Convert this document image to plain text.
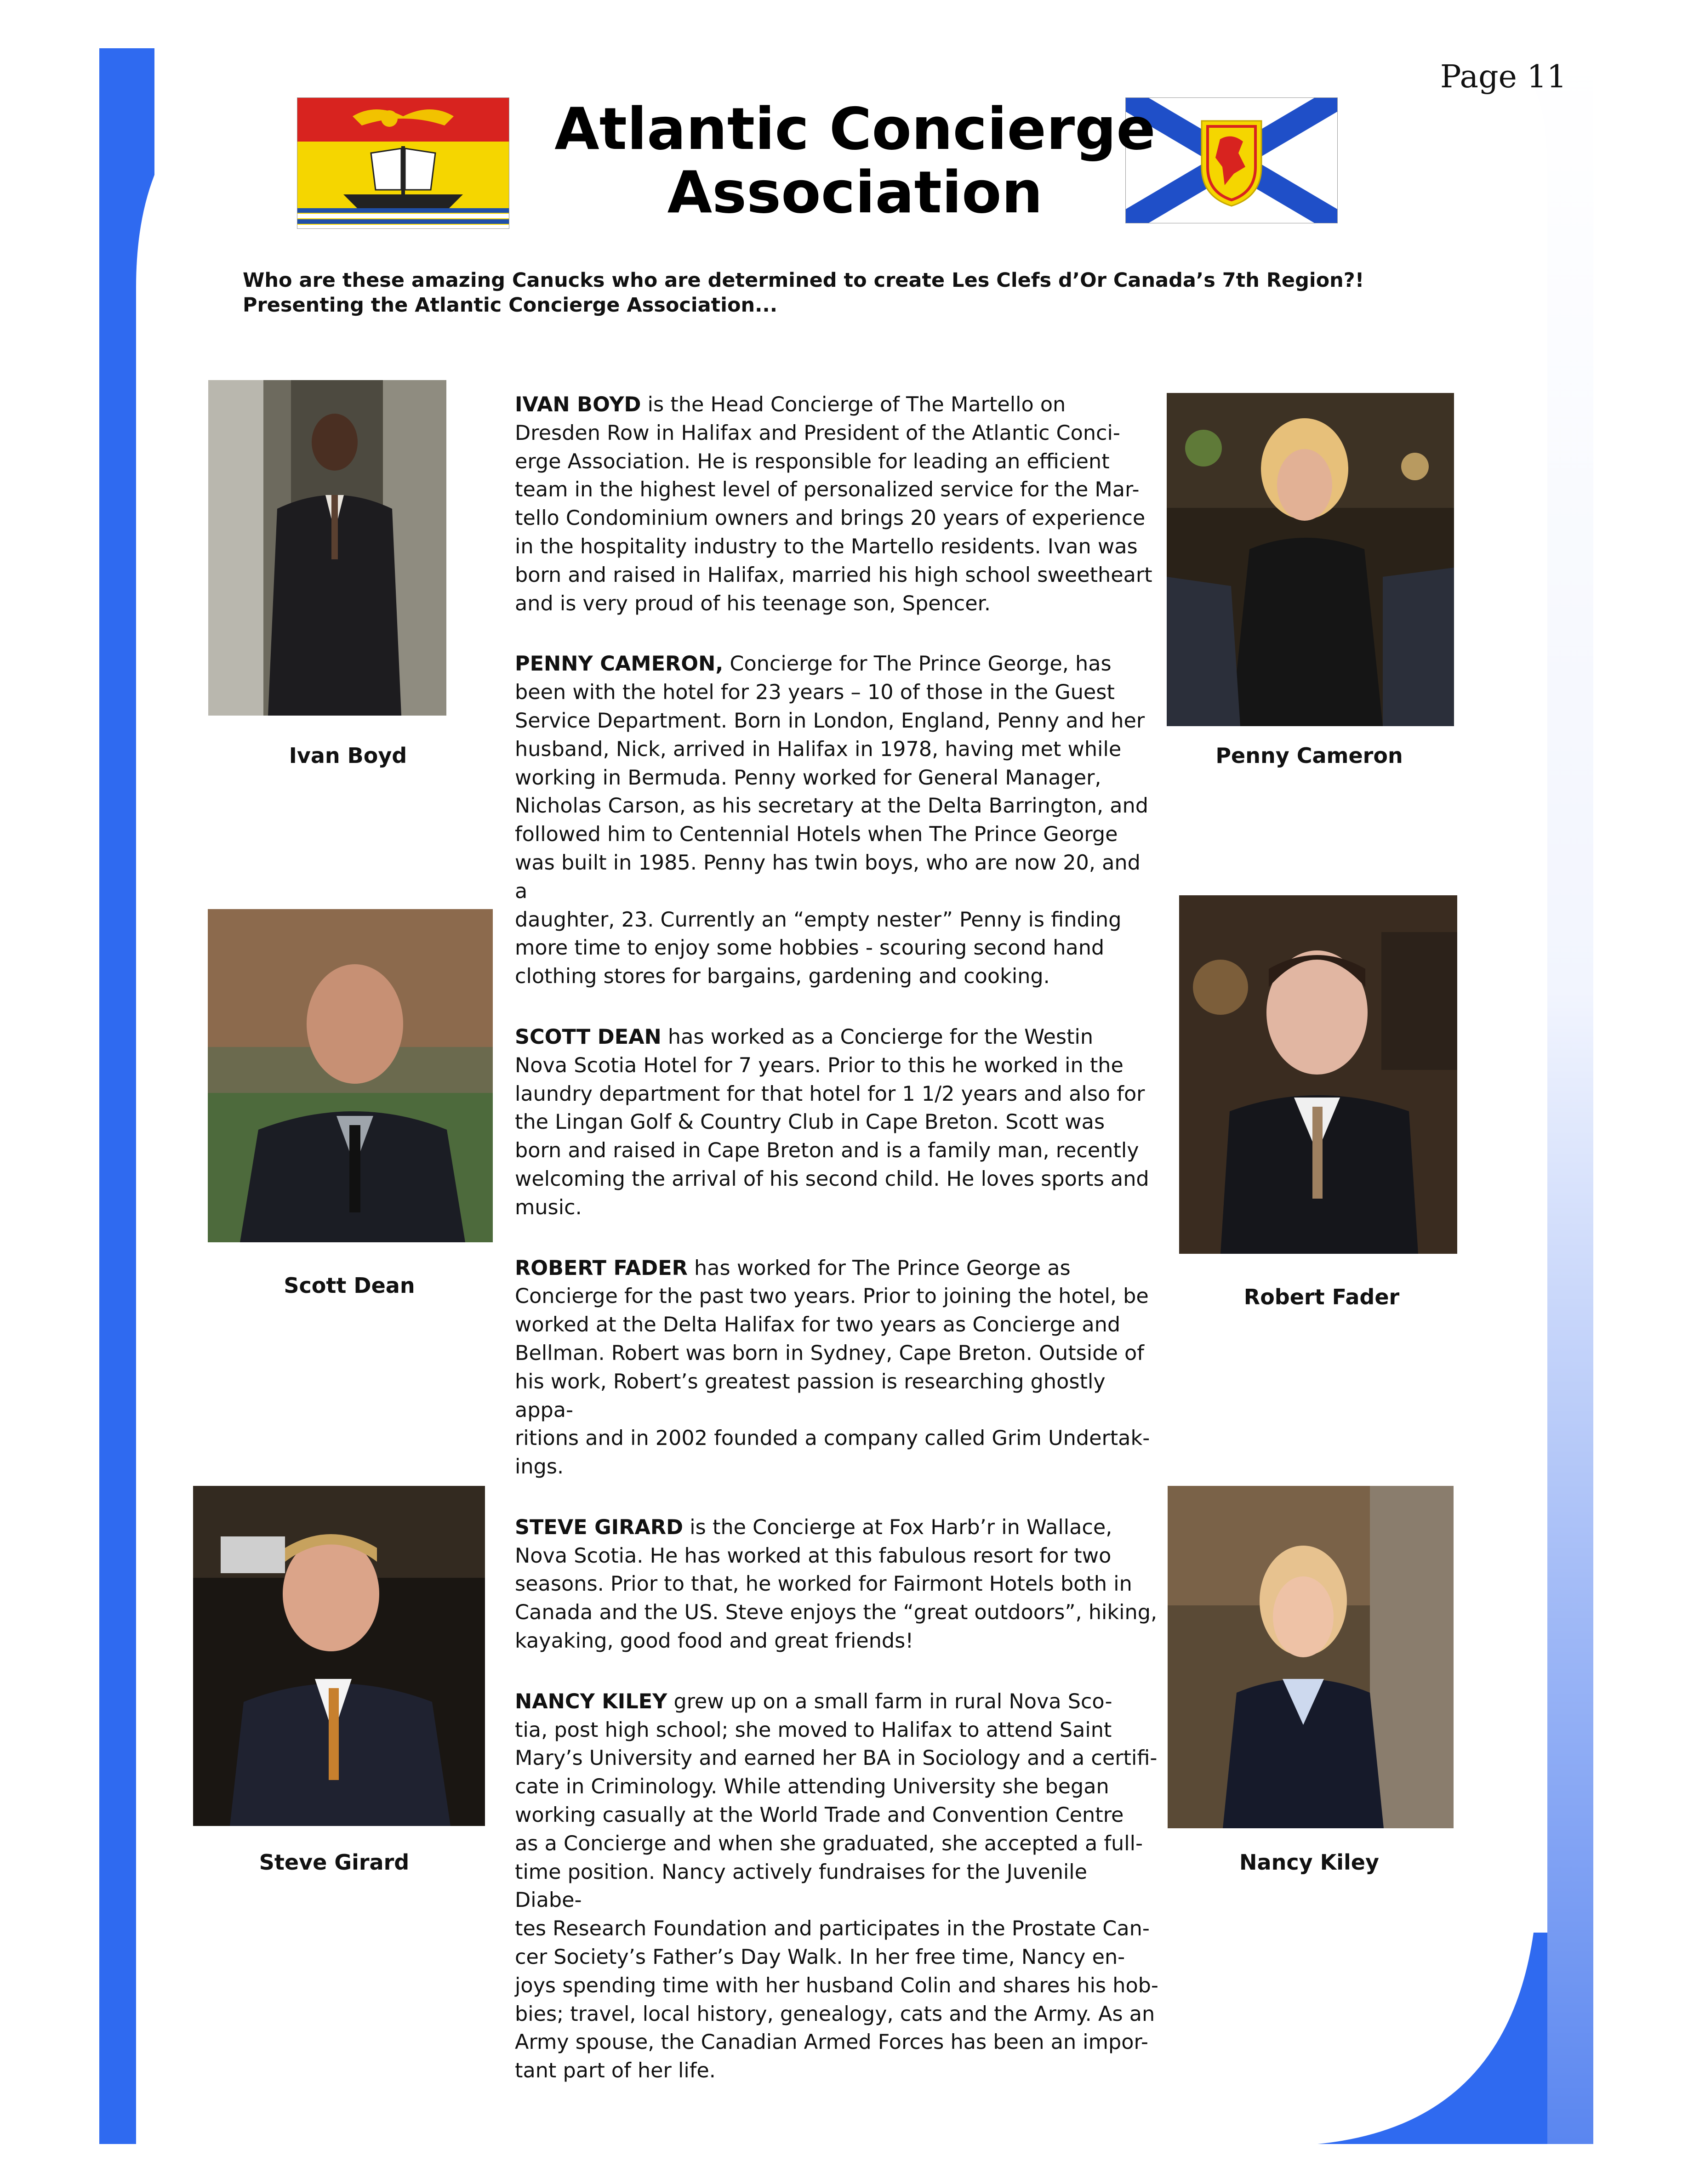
Page 11
Atlantic Concierge
Association
Who are these amazing Canucks who are determined to create Les Clefs d’Or Canada’s 7th Region?!
Presenting the Atlantic Concierge Association...
Ivan Boyd	Penny Cameron
Scott Dean	Robert Fader
Steve Girard	Nancy Kiley
IVAN BOYD is the Head Concierge of The Martello on
Dresden Row in Halifax and President of the Atlantic Conci-
erge Association. He is responsible for leading an efficient
team in the highest level of personalized service for the Mar-
tello Condominium owners and brings 20 years of experience
in the hospitality industry to the Martello residents. Ivan was
born and raised in Halifax, married his high school sweetheart
and is very proud of his teenage son, Spencer.
PENNY CAMERON, Concierge for The Prince George, has
been with the hotel for 23 years – 10 of those in the Guest
Service Department. Born in London, England, Penny and her
husband, Nick, arrived in Halifax in 1978, having met while
working in Bermuda. Penny worked for General Manager,
Nicholas Carson, as his secretary at the Delta Barrington, and
followed him to Centennial Hotels when The Prince George
was built in 1985. Penny has twin boys, who are now 20, and a
daughter, 23. Currently an “empty nester” Penny is finding
more time to enjoy some hobbies - scouring second hand
clothing stores for bargains, gardening and cooking.
SCOTT DEAN has worked as a Concierge for the Westin
Nova Scotia Hotel for 7 years. Prior to this he worked in the
laundry department for that hotel for 1 1/2 years and also for
the Lingan Golf & Country Club in Cape Breton. Scott was
born and raised in Cape Breton and is a family man, recently
welcoming the arrival of his second child. He loves sports and
music.
ROBERT FADER has worked for The Prince George as
Concierge for the past two years. Prior to joining the hotel, be
worked at the Delta Halifax for two years as Concierge and
Bellman. Robert was born in Sydney, Cape Breton. Outside of
his work, Robert’s greatest passion is researching ghostly appa-
ritions and in 2002 founded a company called Grim Undertak-
ings.
STEVE GIRARD is the Concierge at Fox Harb’r in Wallace,
Nova Scotia. He has worked at this fabulous resort for two
seasons. Prior to that, he worked for Fairmont Hotels both in
Canada and the US. Steve enjoys the “great outdoors”, hiking,
kayaking, good food and great friends!
NANCY KILEY grew up on a small farm in rural Nova Sco-
tia, post high school; she moved to Halifax to attend Saint
Mary’s University and earned her BA in Sociology and a certifi-
cate in Criminology. While attending University she began
working casually at the World Trade and Convention Centre
as a Concierge and when she graduated, she accepted a full-
time position. Nancy actively fundraises for the Juvenile Diabe-
tes Research Foundation and participates in the Prostate Can-
cer Society’s Father’s Day Walk. In her free time, Nancy en-
joys spending time with her husband Colin and shares his hob-
bies; travel, local history, genealogy, cats and the Army. As an
Army spouse, the Canadian Armed Forces has been an impor-
tant part of her life.
